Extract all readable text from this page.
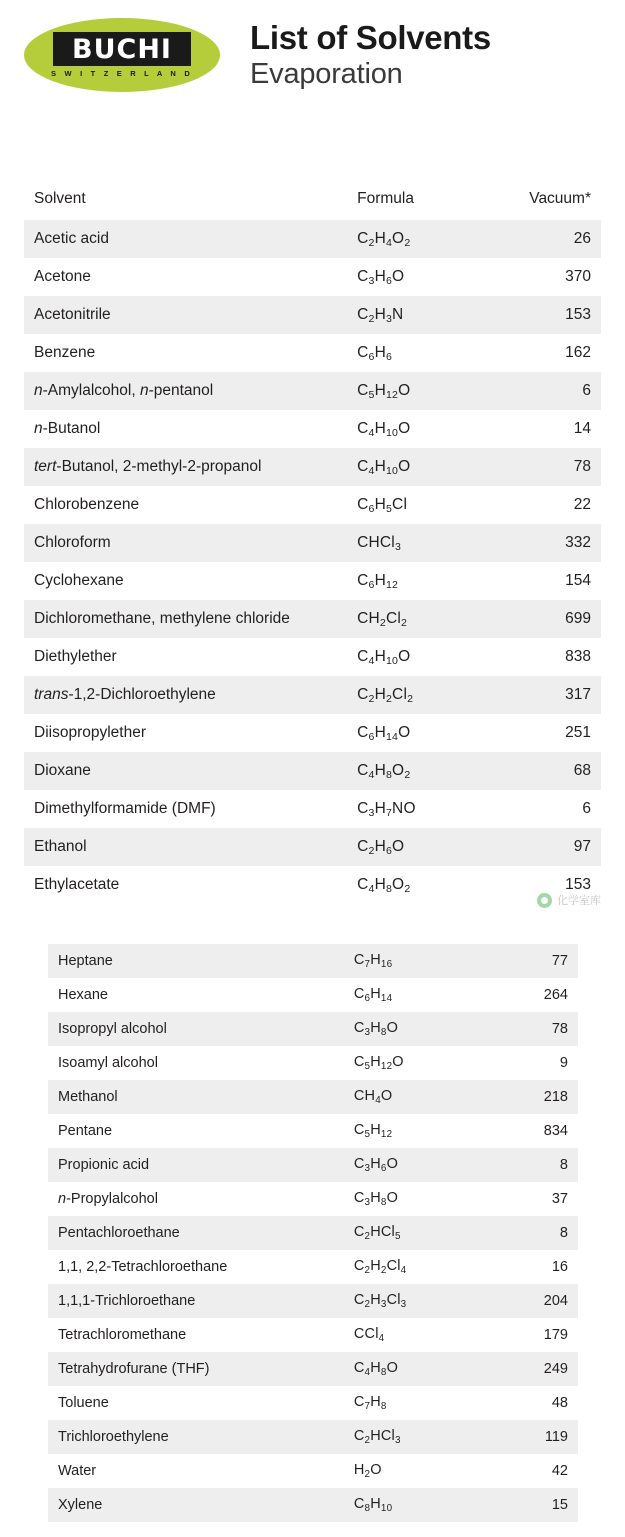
BUCHI
S W I T Z E R L A N D
List of Solvents
Evaporation
Solvent	Formula	Vacuum*
Acetic acid	$C_2H_4O_2$	26
Acetone	$C_3H_6O$	370
Acetonitrile	$C_2H_3N$	153
Benzene	$C_6H_6$	162
n-Amylalcohol, n-pentanol	$C_5H_{12}O$	6
n-Butanol	$C_4H_{10}O$	14
tert-Butanol, 2-methyl-2-propanol	$C_4H_{10}O$	78
Chlorobenzene	$C_6H_5Cl$	22
Chloroform	CHCl$_3$	332
Cyclohexane	$C_6H_{12}$	154
Dichloromethane, methylene chloride	$CH_2Cl_2$	699
Diethylether	$C_4H_{10}O$	838
trans-1,2-Dichloroethylene	$C_2H_2Cl_2$	317
Diisopropylether	$C_6H_{14}O$	251
Dioxane	$C_4H_8O_2$	68
Dimethylformamide (DMF)	$C_3H_7NO$	6
Ethanol	$C_2H_6O$	97
Ethylacetate	$C_4H_8O_2$	153
化学室库
Heptane	$C_7H_{16}$	77
Hexane	$C_6H_{14}$	264
Isopropyl alcohol	$C_3H_8O$	78
Isoamyl alcohol	$C_5H_{12}O$	9
Methanol	$CH_4O$	218
Pentane	$C_5H_{12}$	834
Propionic acid	$C_3H_6O$	8
n-Propylalcohol	$C_3H_8O$	37
Pentachloroethane	$C_2HCl_5$	8
1,1, 2,2-Tetrachloroethane	$C_2H_2Cl_4$	16
1,1,1-Trichloroethane	$C_2H_3Cl_3$	204
Tetrachloromethane	CCl$_4$	179
Tetrahydrofurane (THF)	$C_4H_8O$	249
Toluene	$C_7H_8$	48
Trichloroethylene	$C_2HCl_3$	119
Water	$H_2O$	42
Xylene	$C_8H_{10}$	15
